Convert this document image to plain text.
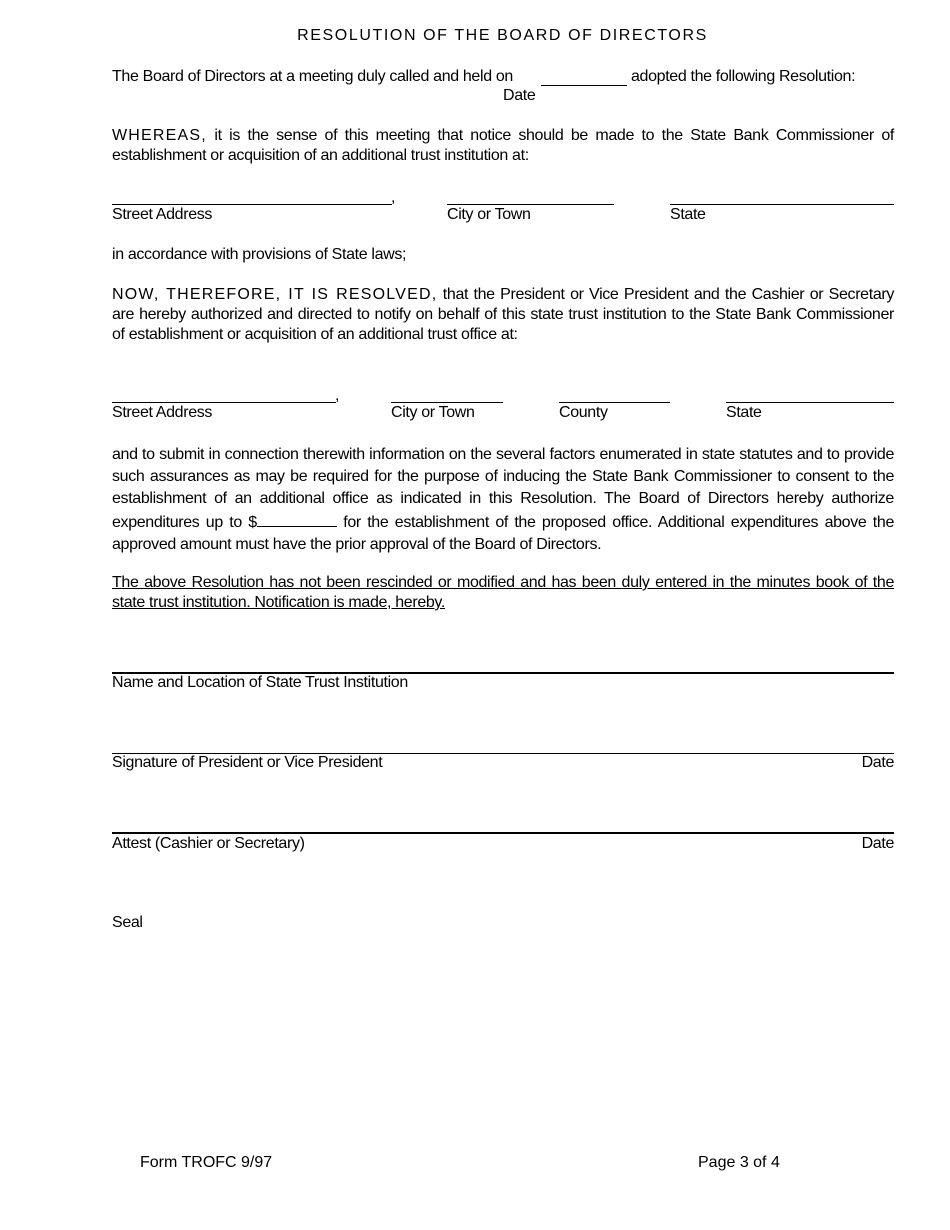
RESOLUTION OF THE BOARD OF DIRECTORS
The Board of Directors at a meeting duly called and held on	adopted the following Resolution:
Date
WHEREAS, it is the sense of this meeting that notice should be made to the State Bank Commissioner of establishment or acquisition of an additional trust institution at:
,
Street Address	City or Town	State
in accordance with provisions of State laws;
NOW, THEREFORE, IT IS RESOLVED, that the President or Vice President and the Cashier or Secretary are hereby authorized and directed to notify on behalf of this state trust institution to the State Bank Commissioner of establishment or acquisition of an additional trust office at:
,
Street Address	City or Town	County	State
and to submit in connection therewith information on the several factors enumerated in state statutes and to provide such assurances as may be required for the purpose of inducing the State Bank Commissioner to consent to the establishment of an additional office as indicated in this Resolution. The Board of Directors hereby authorize expenditures up to $	for the establishment of the proposed office. Additional expenditures above the approved amount must have the prior approval of the Board of Directors.
The above Resolution has not been rescinded or modified and has been duly entered in the minutes book of the state trust institution. Notification is made, hereby.
Name and Location of State Trust Institution
Signature of President or Vice President	Date
Attest (Cashier or Secretary)	Date
Seal
Form TROFC 9/97	Page 3 of 4
